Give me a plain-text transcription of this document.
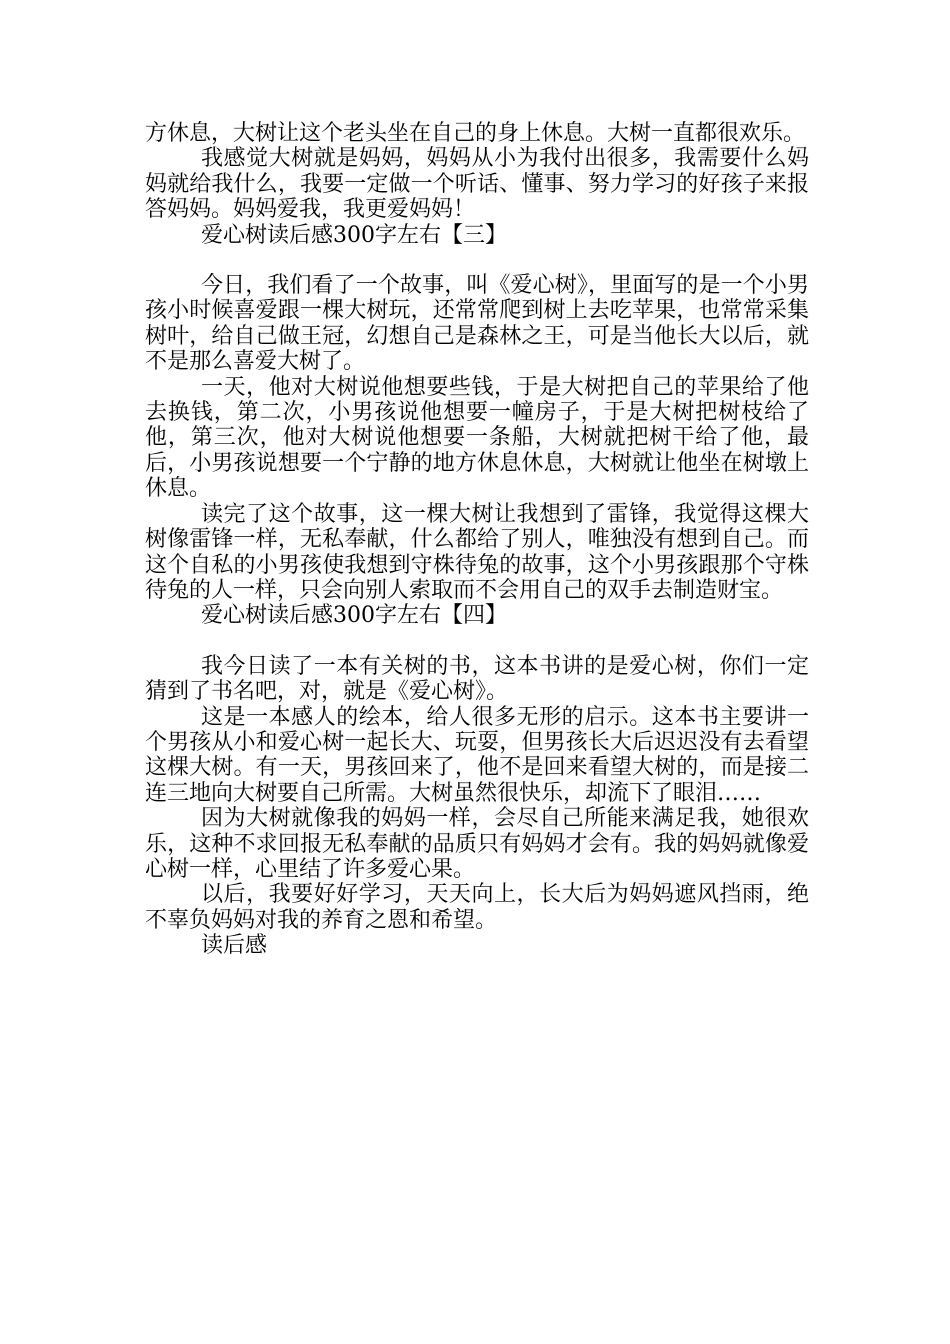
方休息，大树让这个老头坐在自己的身上休息。大树一直都很欢乐。

我感觉大树就是妈妈，妈妈从小为我付出很多，我需要什么妈妈就给我什么，我要一定做一个听话、懂事、努力学习的好孩子来报答妈妈。妈妈爱我，我更爱妈妈！

爱心树读后感300字左右【三】

今日，我们看了一个故事，叫《爱心树》，里面写的是一个小男孩小时候喜爱跟一棵大树玩，还常常爬到树上去吃苹果，也常常采集树叶，给自己做王冠，幻想自己是森林之王，可是当他长大以后，就不是那么喜爱大树了。

一天，他对大树说他想要些钱，于是大树把自己的苹果给了他去换钱，第二次，小男孩说他想要一幢房子，于是大树把树枝给了他，第三次，他对大树说他想要一条船，大树就把树干给了他，最后，小男孩说想要一个宁静的地方休息休息，大树就让他坐在树墩上休息。

读完了这个故事，这一棵大树让我想到了雷锋，我觉得这棵大树像雷锋一样，无私奉献，什么都给了别人，唯独没有想到自己。而这个自私的小男孩使我想到守株待兔的故事，这个小男孩跟那个守株待兔的人一样，只会向别人索取而不会用自己的双手去制造财宝。

爱心树读后感300字左右【四】

我今日读了一本有关树的书，这本书讲的是爱心树，你们一定猜到了书名吧，对，就是《爱心树》。

这是一本感人的绘本，给人很多无形的启示。这本书主要讲一个男孩从小和爱心树一起长大、玩耍，但男孩长大后迟迟没有去看望这棵大树。有一天，男孩回来了，他不是回来看望大树的，而是接二连三地向大树要自己所需。大树虽然很快乐，却流下了眼泪……

因为大树就像我的妈妈一样，会尽自己所能来满足我，她很欢乐，这种不求回报无私奉献的品质只有妈妈才会有。我的妈妈就像爱心树一样，心里结了许多爱心果。

以后，我要好好学习，天天向上，长大后为妈妈遮风挡雨，绝不辜负妈妈对我的养育之恩和希望。

读后感
